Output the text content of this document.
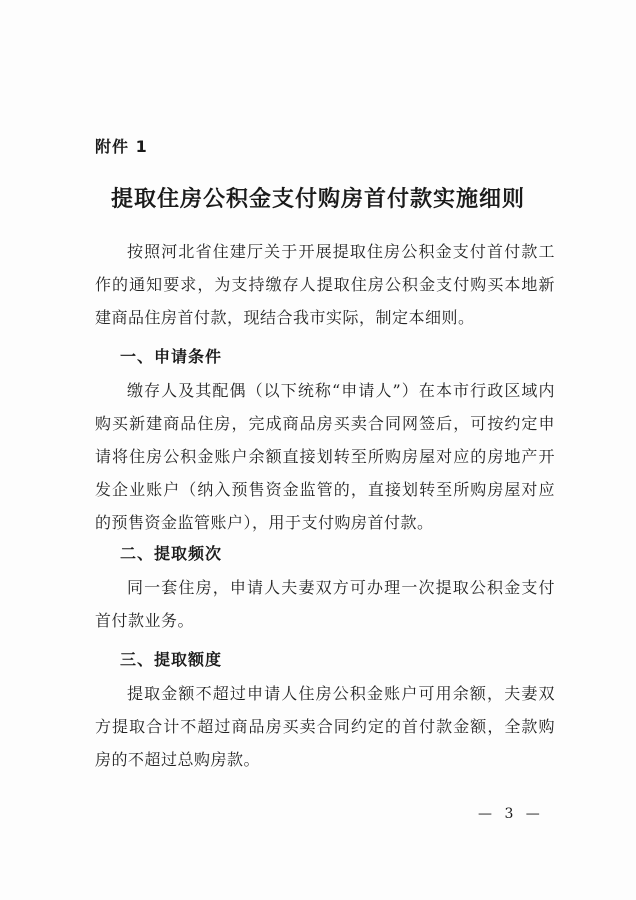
附件 1
提取住房公积金支付购房首付款实施细则
按照河北省住建厅关于开展提取住房公积金支付首付款工作的通知要求，为支持缴存人提取住房公积金支付购买本地新建商品住房首付款，现结合我市实际，制定本细则。
一、申请条件
缴存人及其配偶（以下统称“申请人”）在本市行政区域内购买新建商品住房，完成商品房买卖合同网签后，可按约定申请将住房公积金账户余额直接划转至所购房屋对应的房地产开发企业账户（纳入预售资金监管的，直接划转至所购房屋对应的预售资金监管账户），用于支付购房首付款。
二、提取频次
同一套住房，申请人夫妻双方可办理一次提取公积金支付首付款业务。
三、提取额度
提取金额不超过申请人住房公积金账户可用余额，夫妻双方提取合计不超过商品房买卖合同约定的首付款金额，全款购房的不超过总购房款。
— 3 —
